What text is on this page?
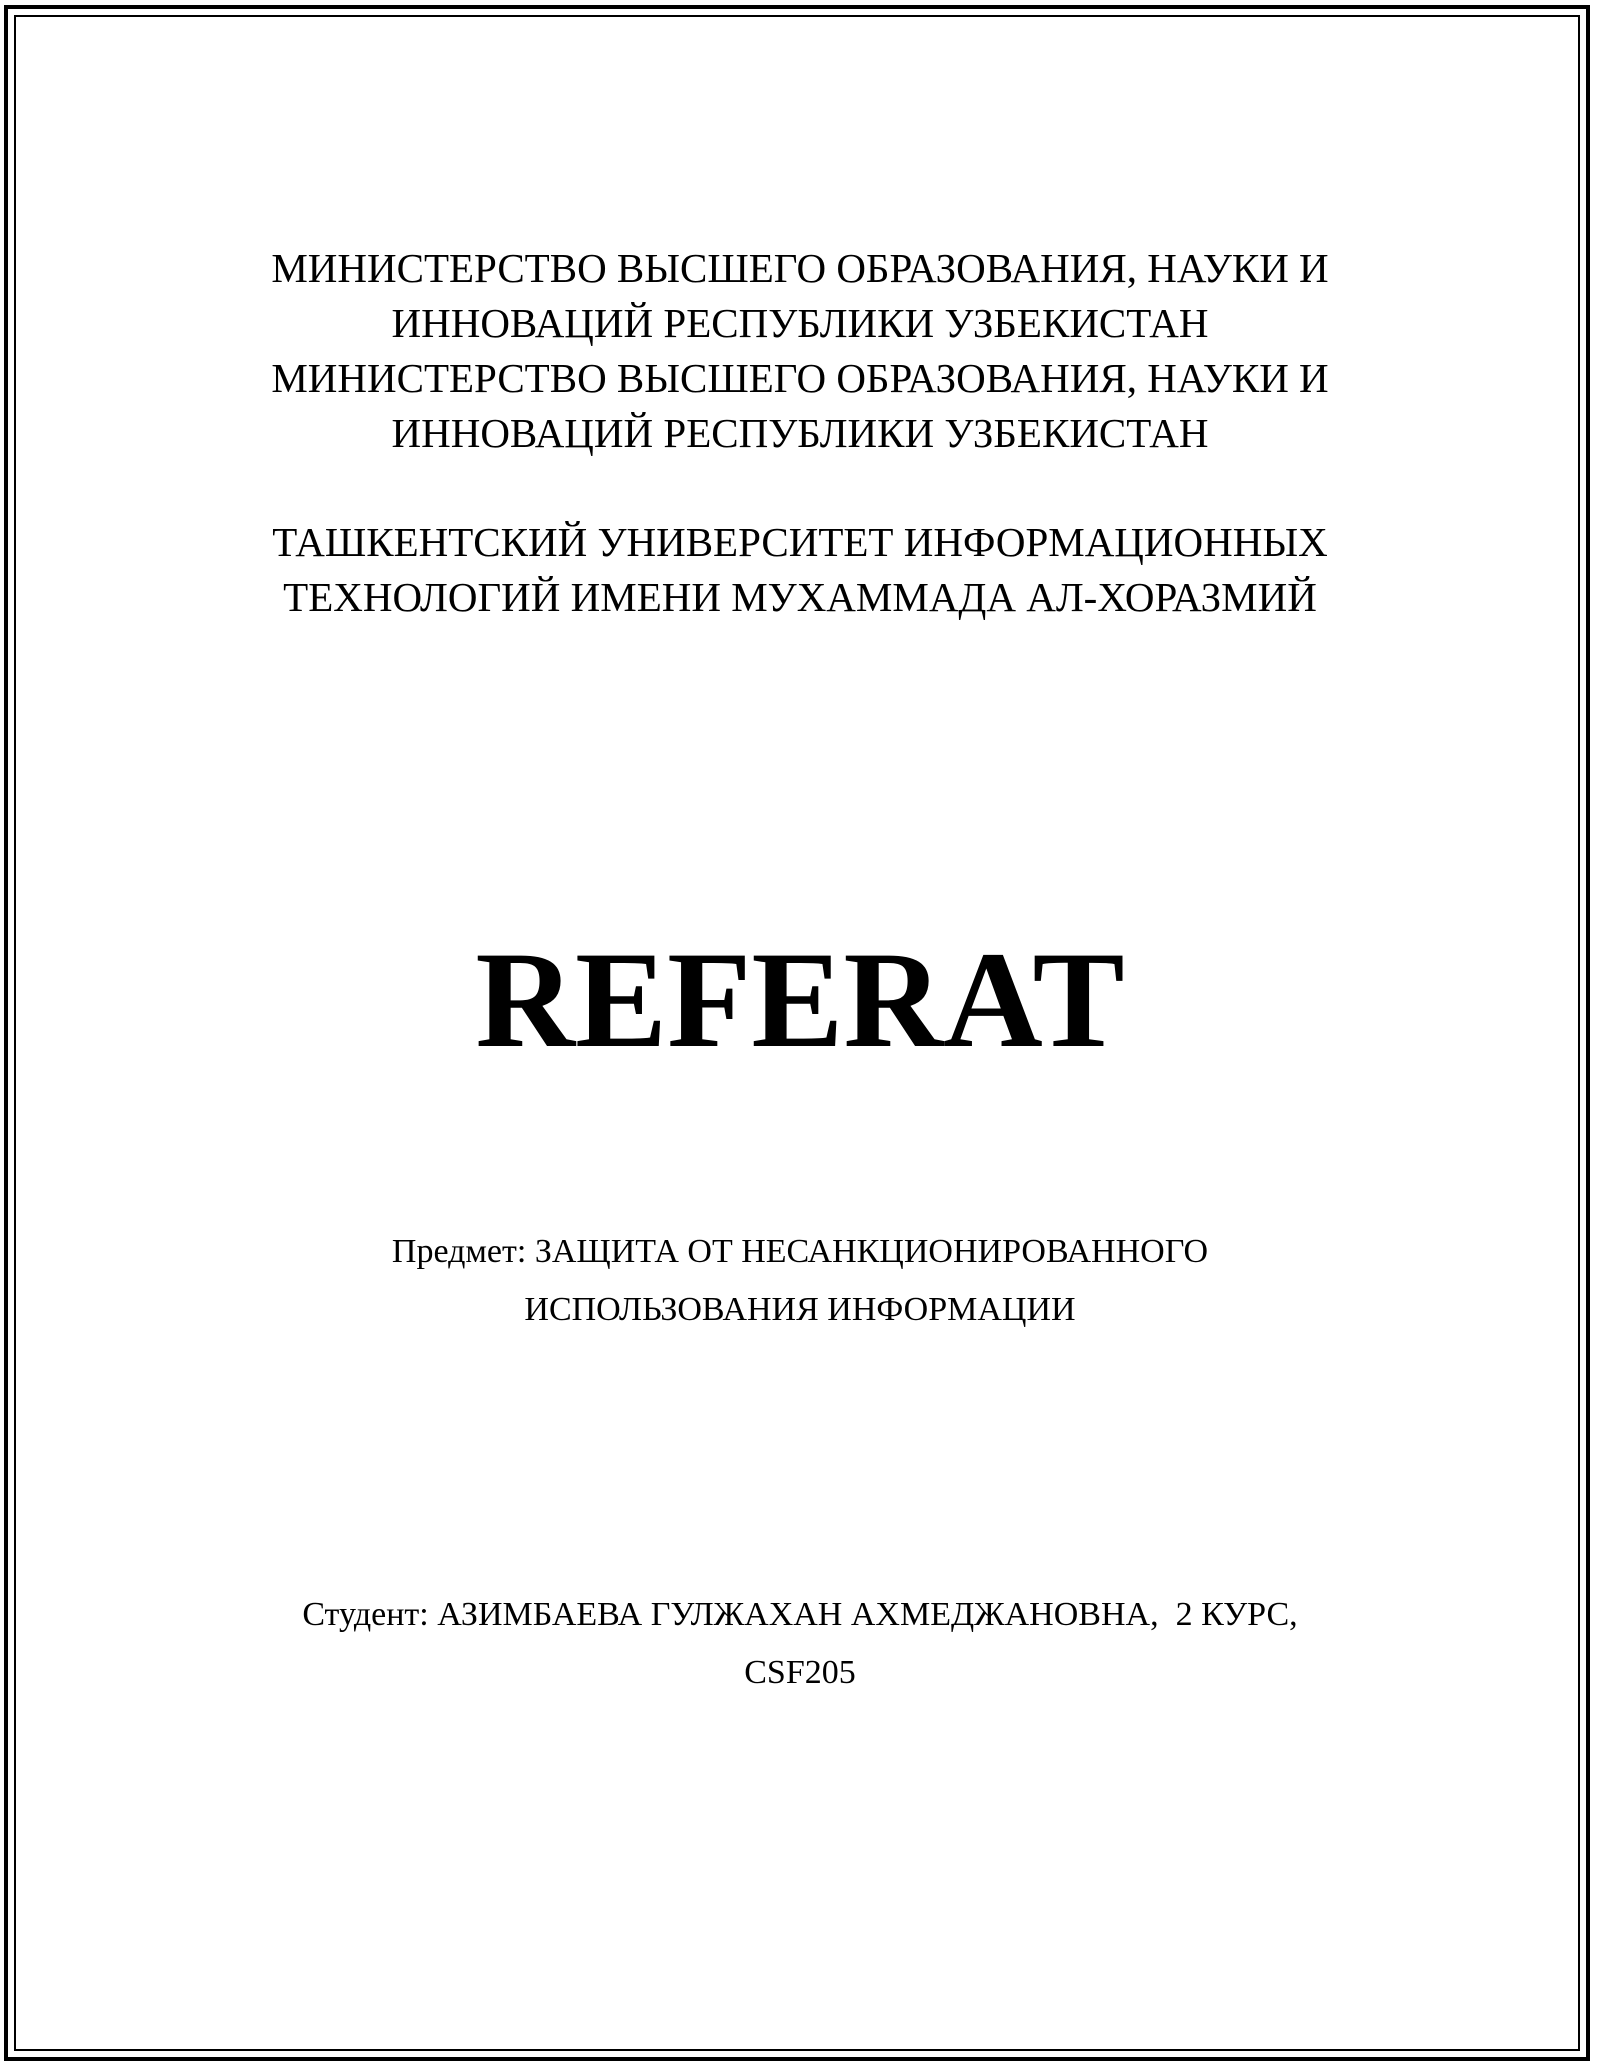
МИНИСТЕРСТВО ВЫСШЕГО ОБРАЗОВАНИЯ, НАУКИ И
ИННОВАЦИЙ РЕСПУБЛИКИ УЗБЕКИСТАН
МИНИСТЕРСТВО ВЫСШЕГО ОБРАЗОВАНИЯ, НАУКИ И
ИННОВАЦИЙ РЕСПУБЛИКИ УЗБЕКИСТАН
ТАШКЕНТСКИЙ УНИВЕРСИТЕТ ИНФОРМАЦИОННЫХ
ТЕХНОЛОГИЙ ИМЕНИ МУХАММАДА АЛ-ХОРАЗМИЙ
REFERAT
Предмет: ЗАЩИТА ОТ НЕСАНКЦИОНИРОВАННОГО
ИСПОЛЬЗОВАНИЯ ИНФОРМАЦИИ
Студент: АЗИМБАЕВА ГУЛЖАХАН АХМЕДЖАНОВНА,  2 КУРС,
CSF205
